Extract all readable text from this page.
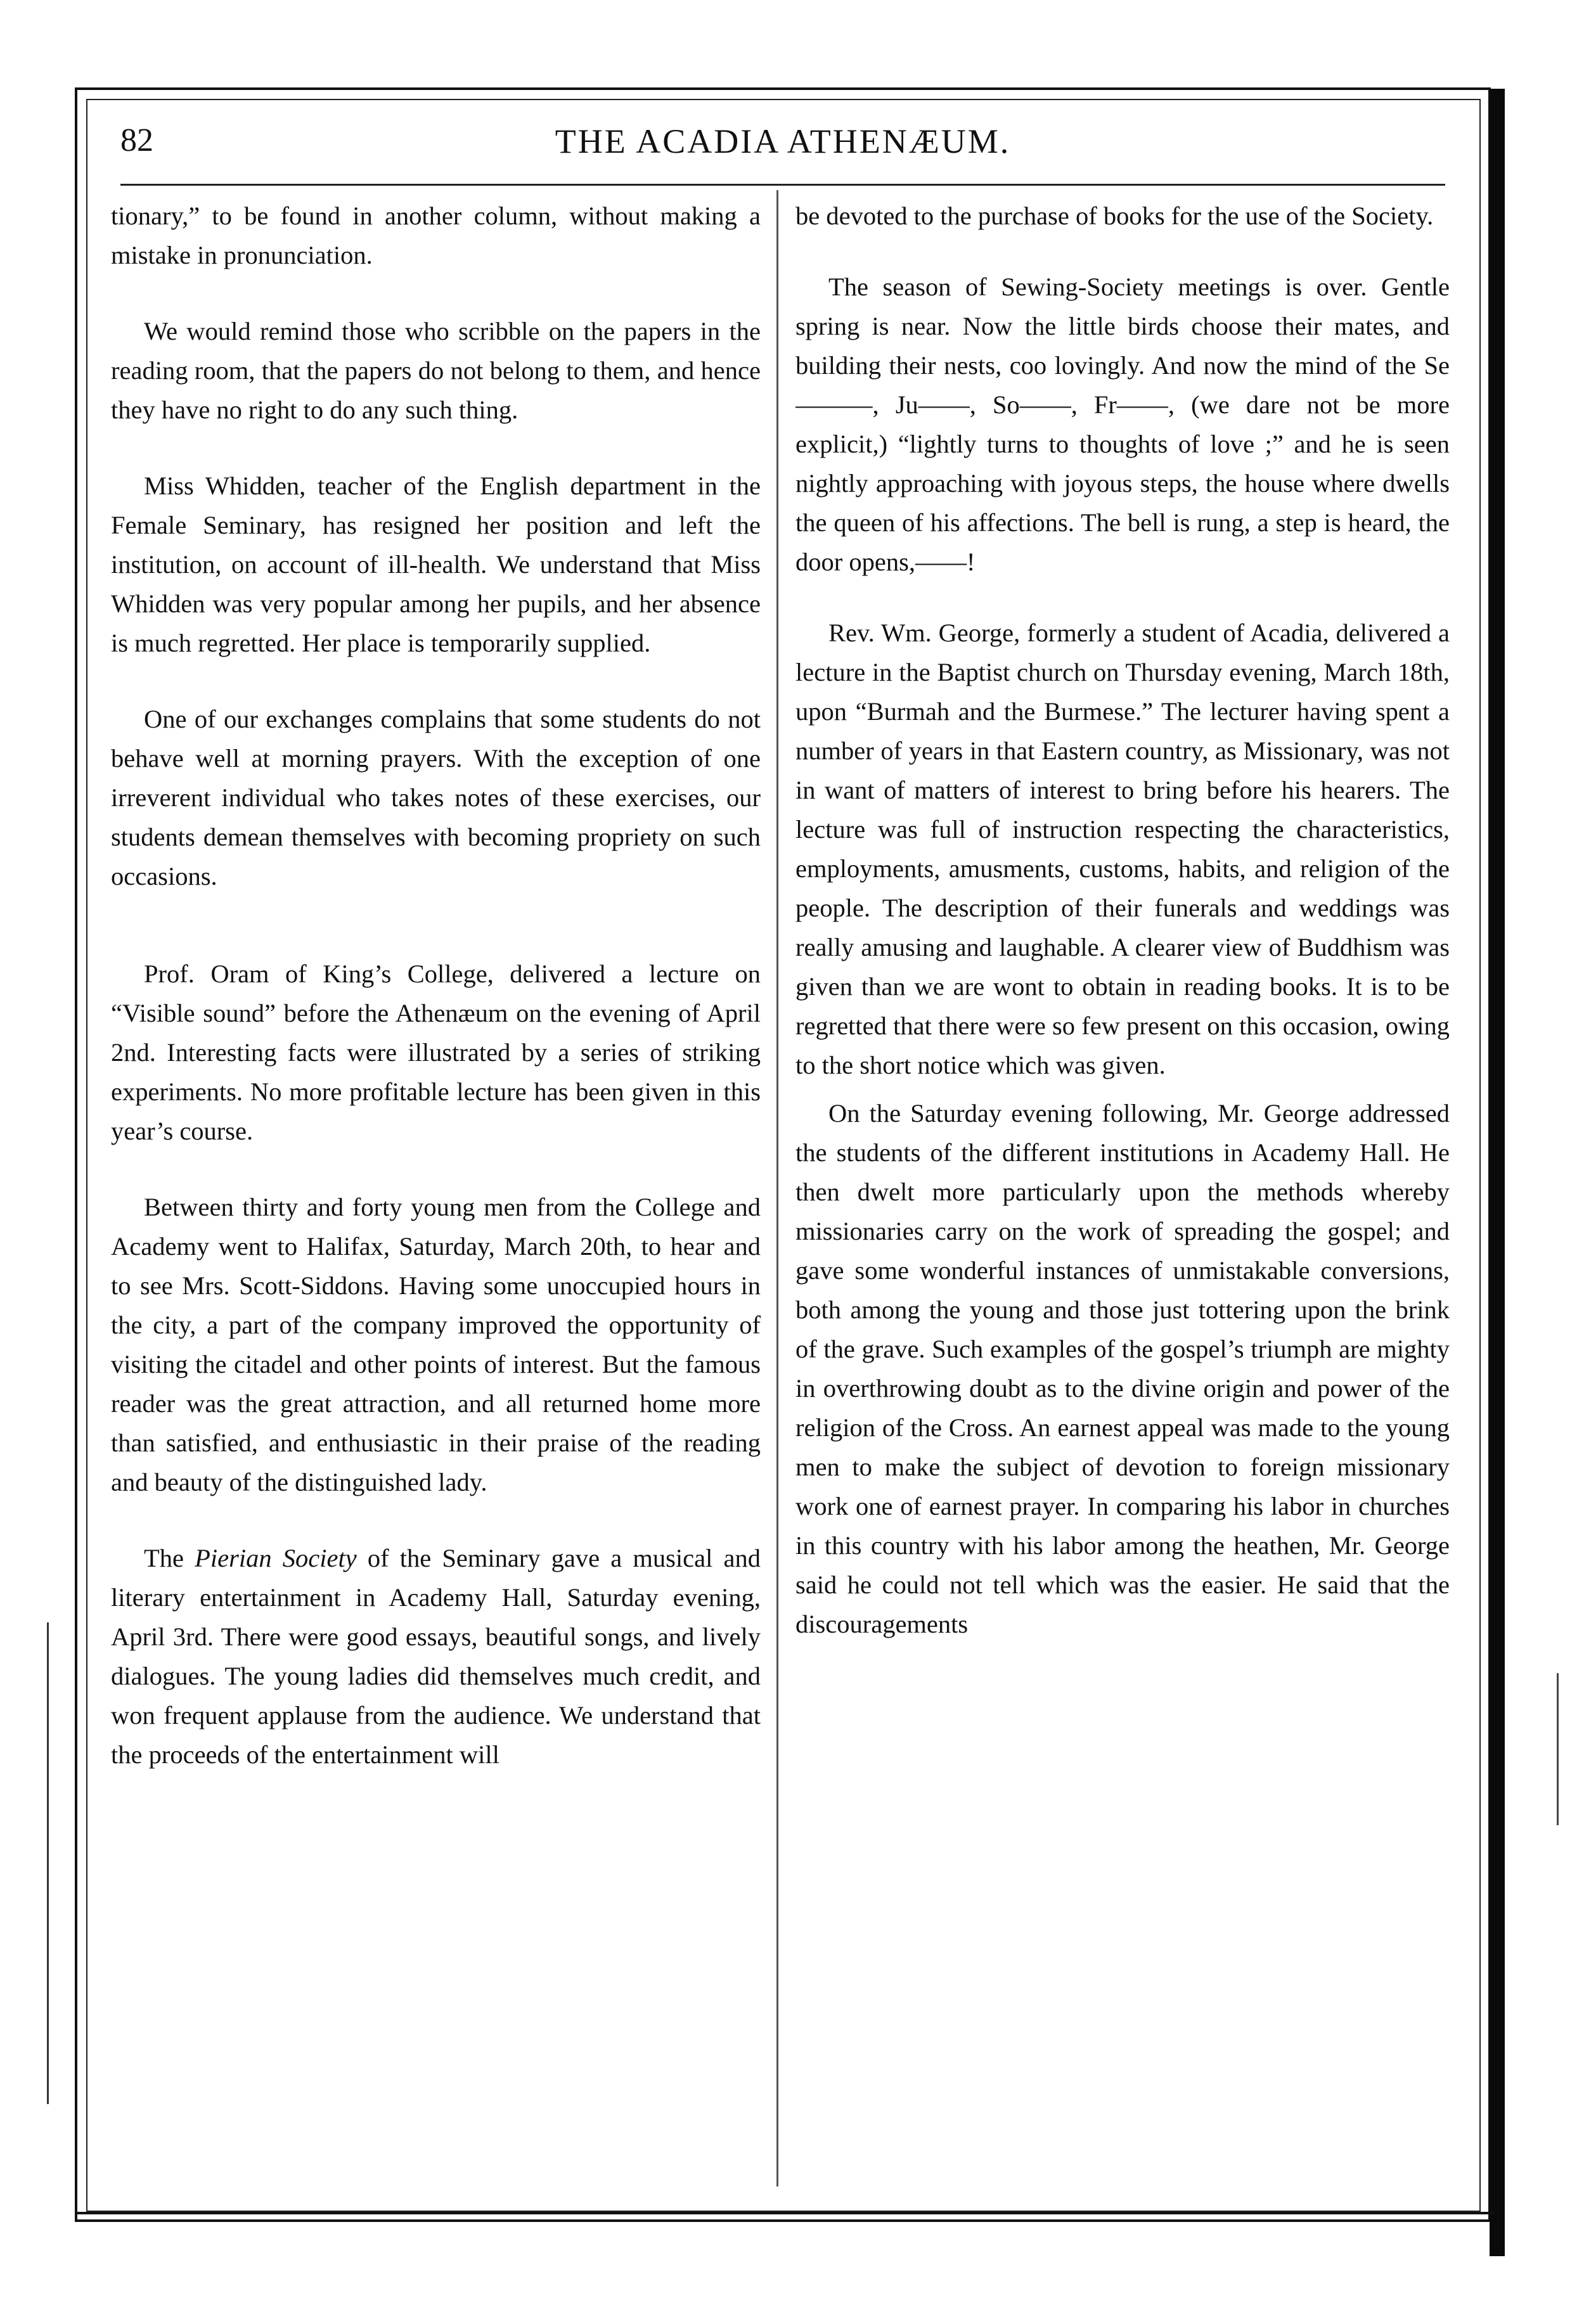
82	THE ACADIA ATHENÆUM.

tionary,” to be found in another column, without making a mistake in pronunciation.

We would remind those who scribble on the papers in the reading room, that the papers do not belong to them, and hence they have no right to do any such thing.

Miss Whidden, teacher of the English department in the Female Seminary, has resigned her position and left the institution, on account of ill-health. We understand that Miss Whidden was very popular among her pupils, and her absence is much regretted. Her place is temporarily supplied.

One of our exchanges complains that some students do not behave well at morning prayers. With the exception of one irreverent individual who takes notes of these exercises, our students demean themselves with becoming propriety on such occasions.

Prof. Oram of King’s College, delivered a lecture on “Visible sound” before the Athenæum on the evening of April 2nd. Interesting facts were illustrated by a series of striking experiments. No more profitable lecture has been given in this year’s course.

Between thirty and forty young men from the College and Academy went to Halifax, Saturday, March 20th, to hear and to see Mrs. Scott-Siddons. Having some unoccupied hours in the city, a part of the company improved the opportunity of visiting the citadel and other points of interest. But the famous reader was the great attraction, and all returned home more than satisfied, and enthusiastic in their praise of the reading and beauty of the distinguished lady.

The Pierian Society of the Seminary gave a musical and literary entertainment in Academy Hall, Saturday evening, April 3rd. There were good essays, beautiful songs, and lively dialogues. The young ladies did themselves much credit, and won frequent applause from the audience. We understand that the proceeds of the entertainment will

be devoted to the purchase of books for the use of the Society.

The season of Sewing-Society meetings is over. Gentle spring is near. Now the little birds choose their mates, and building their nests, coo lovingly. And now the mind of the Se———, Ju——, So——, Fr——, (we dare not be more explicit,) “lightly turns to thoughts of love ;” and he is seen nightly approaching with joyous steps, the house where dwells the queen of his affections. The bell is rung, a step is heard, the door opens,——!

Rev. Wm. George, formerly a student of Acadia, delivered a lecture in the Baptist church on Thursday evening, March 18th, upon “Burmah and the Burmese.” The lecturer having spent a number of years in that Eastern country, as Missionary, was not in want of matters of interest to bring before his hearers. The lecture was full of instruction respecting the characteristics, employments, amusments, customs, habits, and religion of the people. The description of their funerals and weddings was really amusing and laughable. A clearer view of Buddhism was given than we are wont to obtain in reading books. It is to be regretted that there were so few present on this occasion, owing to the short notice which was given.

On the Saturday evening following, Mr. George addressed the students of the different institutions in Academy Hall. He then dwelt more particularly upon the methods whereby missionaries carry on the work of spreading the gospel; and gave some wonderful instances of unmistakable conversions, both among the young and those just tottering upon the brink of the grave. Such examples of the gospel’s triumph are mighty in overthrowing doubt as to the divine origin and power of the religion of the Cross. An earnest appeal was made to the young men to make the subject of devotion to foreign missionary work one of earnest prayer. In comparing his labor in churches in this country with his labor among the heathen, Mr. George said he could not tell which was the easier. He said that the discouragements
